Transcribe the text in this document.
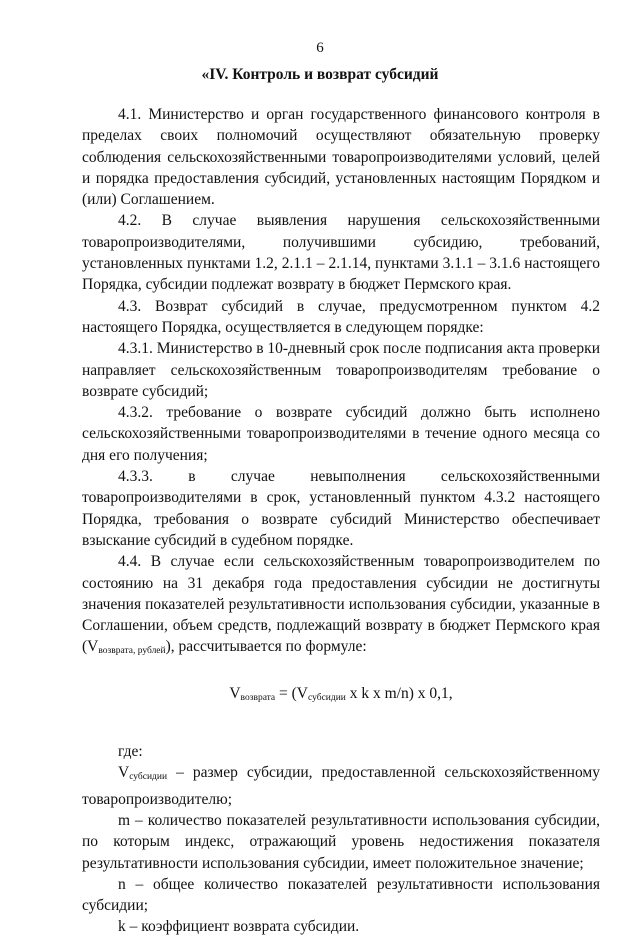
6
«IV. Контроль и возврат субсидий

4.1. Министерство и орган государственного финансового контроля в пределах своих полномочий осуществляют обязательную проверку соблюдения сельскохозяйственными товаропроизводителями условий, целей и порядка предоставления субсидий, установленных настоящим Порядком и (или) Соглашением.

4.2. В случае выявления нарушения сельскохозяйственными товаропроизводителями, получившими субсидию, требований, установленных пунктами 1.2, 2.1.1 – 2.1.14, пунктами 3.1.1 – 3.1.6 настоящего Порядка, субсидии подлежат возврату в бюджет Пермского края.

4.3. Возврат субсидий в случае, предусмотренном пунктом 4.2 настоящего Порядка, осуществляется в следующем порядке:

4.3.1. Министерство в 10-дневный срок после подписания акта проверки направляет сельскохозяйственным товаропроизводителям требование о возврате субсидий;

4.3.2. требование о возврате субсидий должно быть исполнено сельскохозяйственными товаропроизводителями в течение одного месяца со дня его получения;

4.3.3. в случае невыполнения сельскохозяйственными товаропроизводителями в срок, установленный пунктом 4.3.2 настоящего Порядка, требования о возврате субсидий Министерство обеспечивает взыскание субсидий в судебном порядке.

4.4. В случае если сельскохозяйственным товаропроизводителем по состоянию на 31 декабря года предоставления субсидии не достигнуты значения показателей результативности использования субсидии, указанные в Соглашении, объем средств, подлежащий возврату в бюджет Пермского края $(V_{возврата, рублей})$, рассчитывается по формуле:

$V_{возврата} = (V_{субсидии}$ x k x m/n) x 0,1,

где:

$V_{субсидии}$ – размер субсидии, предоставленной сельскохозяйственному товаропроизводителю;

m – количество показателей результативности использования субсидии, по которым индекс, отражающий уровень недостижения показателя результативности использования субсидии, имеет положительное значение;

n – общее количество показателей результативности использования субсидии;

k – коэффициент возврата субсидии.
